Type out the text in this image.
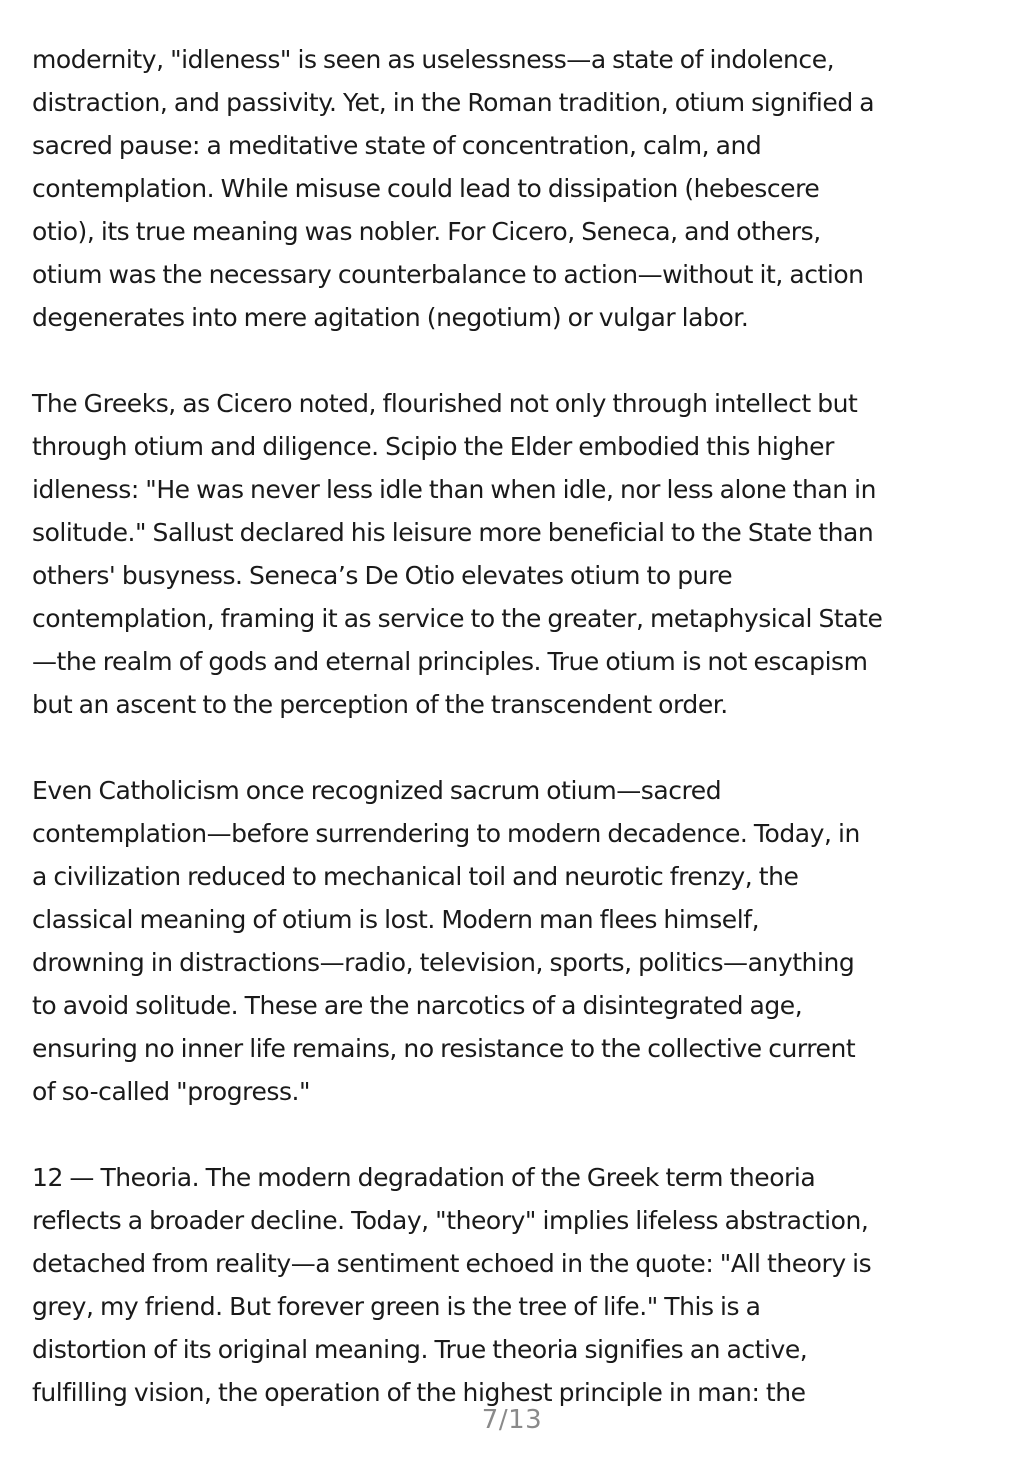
modernity, "idleness" is seen as uselessness—a state of indolence,
distraction, and passivity. Yet, in the Roman tradition, otium signified a
sacred pause: a meditative state of concentration, calm, and
contemplation. While misuse could lead to dissipation (hebescere
otio), its true meaning was nobler. For Cicero, Seneca, and others,
otium was the necessary counterbalance to action—without it, action
degenerates into mere agitation (negotium) or vulgar labor.

The Greeks, as Cicero noted, flourished not only through intellect but
through otium and diligence. Scipio the Elder embodied this higher
idleness: "He was never less idle than when idle, nor less alone than in
solitude." Sallust declared his leisure more beneficial to the State than
others' busyness. Seneca’s De Otio elevates otium to pure
contemplation, framing it as service to the greater, metaphysical State
—the realm of gods and eternal principles. True otium is not escapism
but an ascent to the perception of the transcendent order.

Even Catholicism once recognized sacrum otium—sacred
contemplation—before surrendering to modern decadence. Today, in
a civilization reduced to mechanical toil and neurotic frenzy, the
classical meaning of otium is lost. Modern man flees himself,
drowning in distractions—radio, television, sports, politics—anything
to avoid solitude. These are the narcotics of a disintegrated age,
ensuring no inner life remains, no resistance to the collective current
of so-called "progress."

12 — Theoria. The modern degradation of the Greek term theoria
reflects a broader decline. Today, "theory" implies lifeless abstraction,
detached from reality—a sentiment echoed in the quote: "All theory is
grey, my friend. But forever green is the tree of life." This is a
distortion of its original meaning. True theoria signifies an active,
fulfilling vision, the operation of the highest principle in man: the

7/13
